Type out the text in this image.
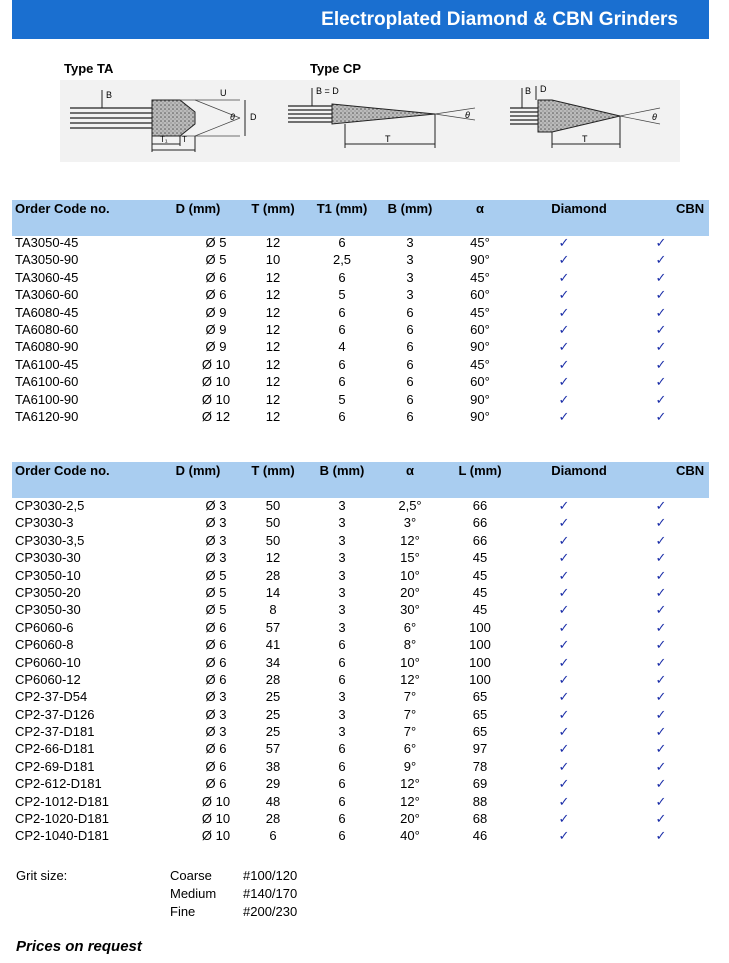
Electroplated Diamond & CBN Grinders
Type TA	Type CP
B
D
U
θ
T₁ T
B = D
T
θ
B D
T
θ
Order Code no.	D (mm) T (mm) T1 (mm) B (mm)	α	Diamond	CBN
TA3050-45	Ø 5	12	6	3	45°	✓	✓
TA3050-90	Ø 5	10	2,5	3	90°	✓	✓
TA3060-45	Ø 6	12	6	3	45°	✓	✓
TA3060-60	Ø 6	12	5	3	60°	✓	✓
TA6080-45	Ø 9	12	6	6	45°	✓	✓
TA6080-60	Ø 9	12	6	6	60°	✓	✓
TA6080-90	Ø 9	12	4	6	90°	✓	✓
TA6100-45	Ø 10	12	6	6	45°	✓	✓
TA6100-60	Ø 10	12	6	6	60°	✓	✓
TA6100-90	Ø 10	12	5	6	90°	✓	✓
TA6120-90	Ø 12	12	6	6	90°	✓	✓
Order Code no.	D (mm) T (mm) B (mm)	α	L (mm)	Diamond	CBN
CP3030-2,5	Ø 3	50	3	2,5°	66	✓	✓
CP3030-3	Ø 3	50	3	3°	66	✓	✓
CP3030-3,5	Ø 3	50	3	12°	66	✓	✓
CP3030-30	Ø 3	12	3	15°	45	✓	✓
CP3050-10	Ø 5	28	3	10°	45	✓	✓
CP3050-20	Ø 5	14	3	20°	45	✓	✓
CP3050-30	Ø 5	8	3	30°	45	✓	✓
CP6060-6	Ø 6	57	3	6°	100	✓	✓
CP6060-8	Ø 6	41	6	8°	100	✓	✓
CP6060-10	Ø 6	34	6	10°	100	✓	✓
CP6060-12	Ø 6	28	6	12°	100	✓	✓
CP2-37-D54	Ø 3	25	3	7°	65	✓	✓
CP2-37-D126	Ø 3	25	3	7°	65	✓	✓
CP2-37-D181	Ø 3	25	3	7°	65	✓	✓
CP2-66-D181	Ø 6	57	6	6°	97	✓	✓
CP2-69-D181	Ø 6	38	6	9°	78	✓	✓
CP2-612-D181	Ø 6	29	6	12°	69	✓	✓
CP2-1012-D181	Ø 10	48	6	12°	88	✓	✓
CP2-1020-D181	Ø 10	28	6	20°	68	✓	✓
CP2-1040-D181	Ø 10	6	6	40°	46	✓	✓
Grit size:	Coarse #100/120
Medium #140/170
Fine	#200/230
Prices on request
